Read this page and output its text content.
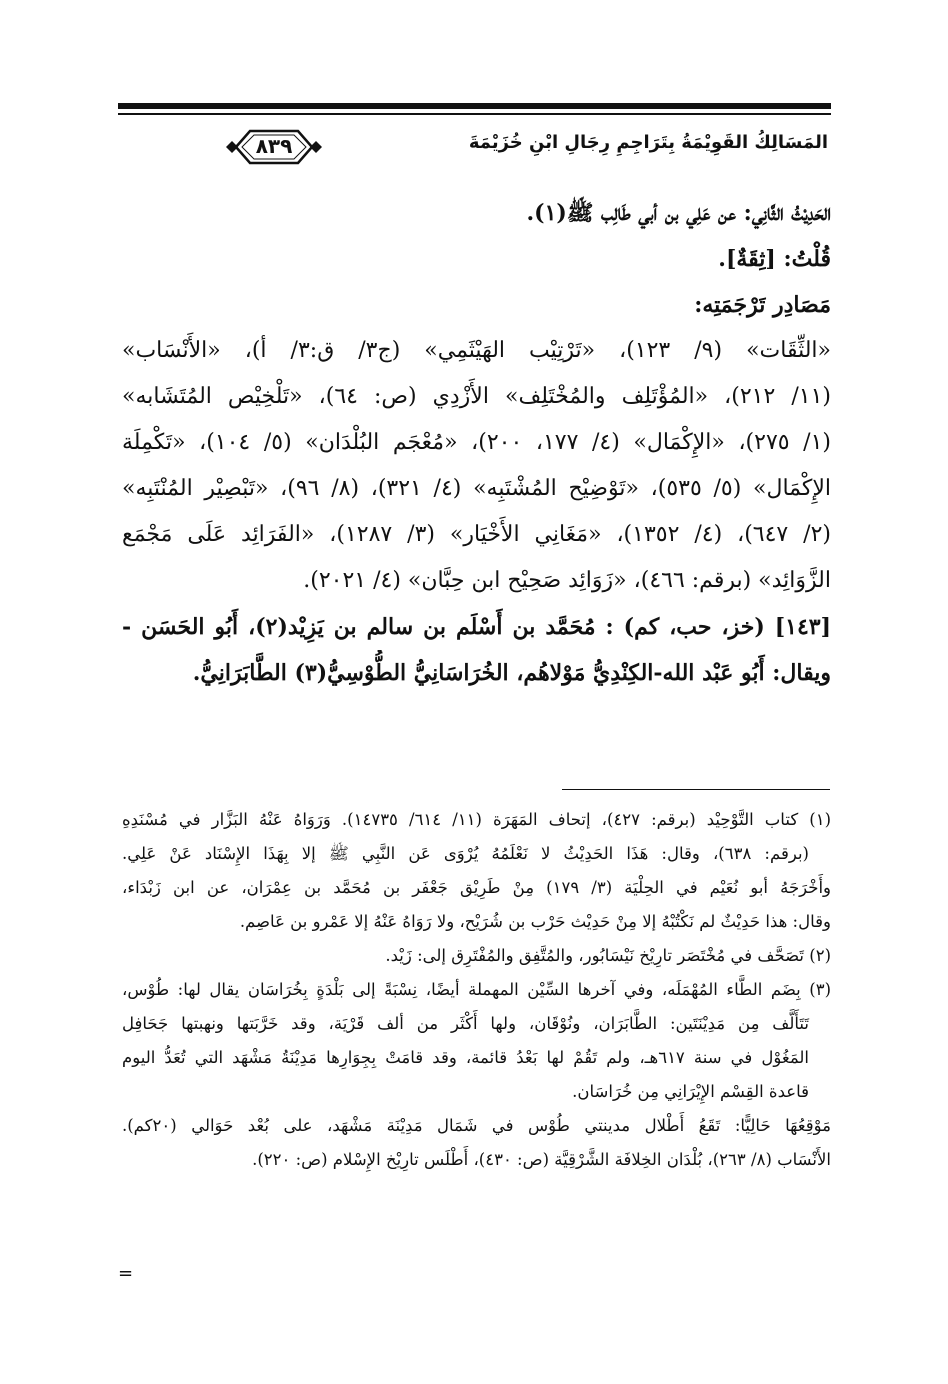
المَسَالِكُ القَوِيْمَةُ بِتَرَاجِمِ رِجَالِ ابْنِ خُزَيْمَةَ
٨٣٩
الحَدِيْثُ الثَّانِي: عن عَلِي بن أبي طَالِب ﷺ(١).
قُلْتُ: [ثِقَةٌ].
مَصَادِر تَرْجَمَتِه:
«الثِّقَات» (٩/ ١٢٣)، «تَرْتِيْب الهَيْثَمِي» (ج٣/ ق:٣/ أ)، «الأَنْسَاب»
(١١/ ٢١٢)، «المُؤْتَلِف والمُخْتَلِف» الأَزْدِي (ص: ٦٤)، «تَلْخِيْص المُتَشَابه»
(١/ ٢٧٥)، «الإِكْمَال» (٤/ ١٧٧، ٢٠٠)، «مُعْجَم البُلْدَان» (٥/ ١٠٤)، «تَكْمِلَة
الإِكْمَال» (٥/ ٥٣٥)، «تَوْضِيْح المُشْتَبِه» (٤/ ٣٢١)، (٨/ ٩٦)، «تَبْصِيْر المُنْتَبِه»
(٢/ ٦٤٧)، (٤/ ١٣٥٢)، «مَغَانِي الأَخْيَار» (٣/ ١٢٨٧)، «الفَرَائِد عَلَى مَجْمَع
الزَّوَائِد» (برقم: ٤٦٦)، «زَوَائِد صَحِيْح ابن حِبَّان» (٤/ ٢٠٢١).
[١٤٣] (خز، حب، كم) : مُحَمَّد بن أَسْلَم بن سالم بن يَزِيْد(٢)، أَبُو الحَسَن -
ويقال: أَبُو عَبْد الله-الكِنْدِيُّ مَوْلاهُم، الخُرَاسَانِيُّ الطُّوْسِيُّ(٣) الطَّابَرَانِيُّ.
(١) كتاب التَّوْحِيْد (برقم: ٤٢٧)، إتحاف المَهَرَة (١١/ ٦١٤/ ١٤٧٣٥). وَرَوَاهُ عَنْهُ البَزَّار في مُسْنَدِهِ
(برقم: ٦٣٨)، وقال: هَذَا الحَدِيْثُ لا نَعْلَمُهُ يُرْوَى عَن النَّبِي ﷺ إلا بِهَذَا الإِسْنَاد عَنْ عَلِي.
وأَخْرَجَهُ أبو نُعَيْم في الحِلْيَة (٣/ ١٧٩) مِنْ طَرِيْق جَعْفَر بن مُحَمَّد بن عِمْرَان، عن ابن زَبْدَاء،
وقال: هذا حَدِيْثٌ لم نَكْتُبْهُ إلا مِنْ حَدِيْث حَرْب بن شُرَيْح، ولا رَوَاهُ عَنْهُ إلا عَمْرو بن عَاصِم.
(٢) تَصَحَّف في مُخْتَصَر تارِيْخ نَيْسَابُور، والمُتَّفِق والمُفْتَرِق إلى: زَيْد.
(٣) بِضَم الطَّاء المُهْمَلَه، وفي آخرها السِّيْن المهملة أيضًا، نِسْبَةً إلى بَلْدَةٍ بِخُرَاسَان يقال لها: طُوْس،
تَتَأَلَّف مِن مَدِيْنَتَين: الطَّابَرَان، ونُوْقَان، ولها أَكْثَر من ألف قَرْيَة، وقد خَرَّبَتها ونهبتها جَحَافِل
المَغُوْل في سنة ٦١٧هـ، ولم تَقُمْ لها بَعْدُ قائمة، وقد قامَتْ بِجِوَارِها مَدِيْنَةُ مَشْهَد التي تُعَدُّ اليوم
قاعدة القِسْم الإِيْرَانِي مِن خُرَاسَان.
مَوْقِعُهَا حَالِيًّا: تَقَعُ أَطْلال مدينتي طُوْس في شَمَال مَدِيْنَة مَشْهَد، على بُعْد حَوَالي (٢٠كم).
الأَنْسَاب (٨/ ٢٦٣)، بُلْدَان الخِلافَة الشَّرْقِيَّة (ص: ٤٣٠)، أَطْلَس تارِيْخ الإِسْلام (ص: ٢٢٠).
=
